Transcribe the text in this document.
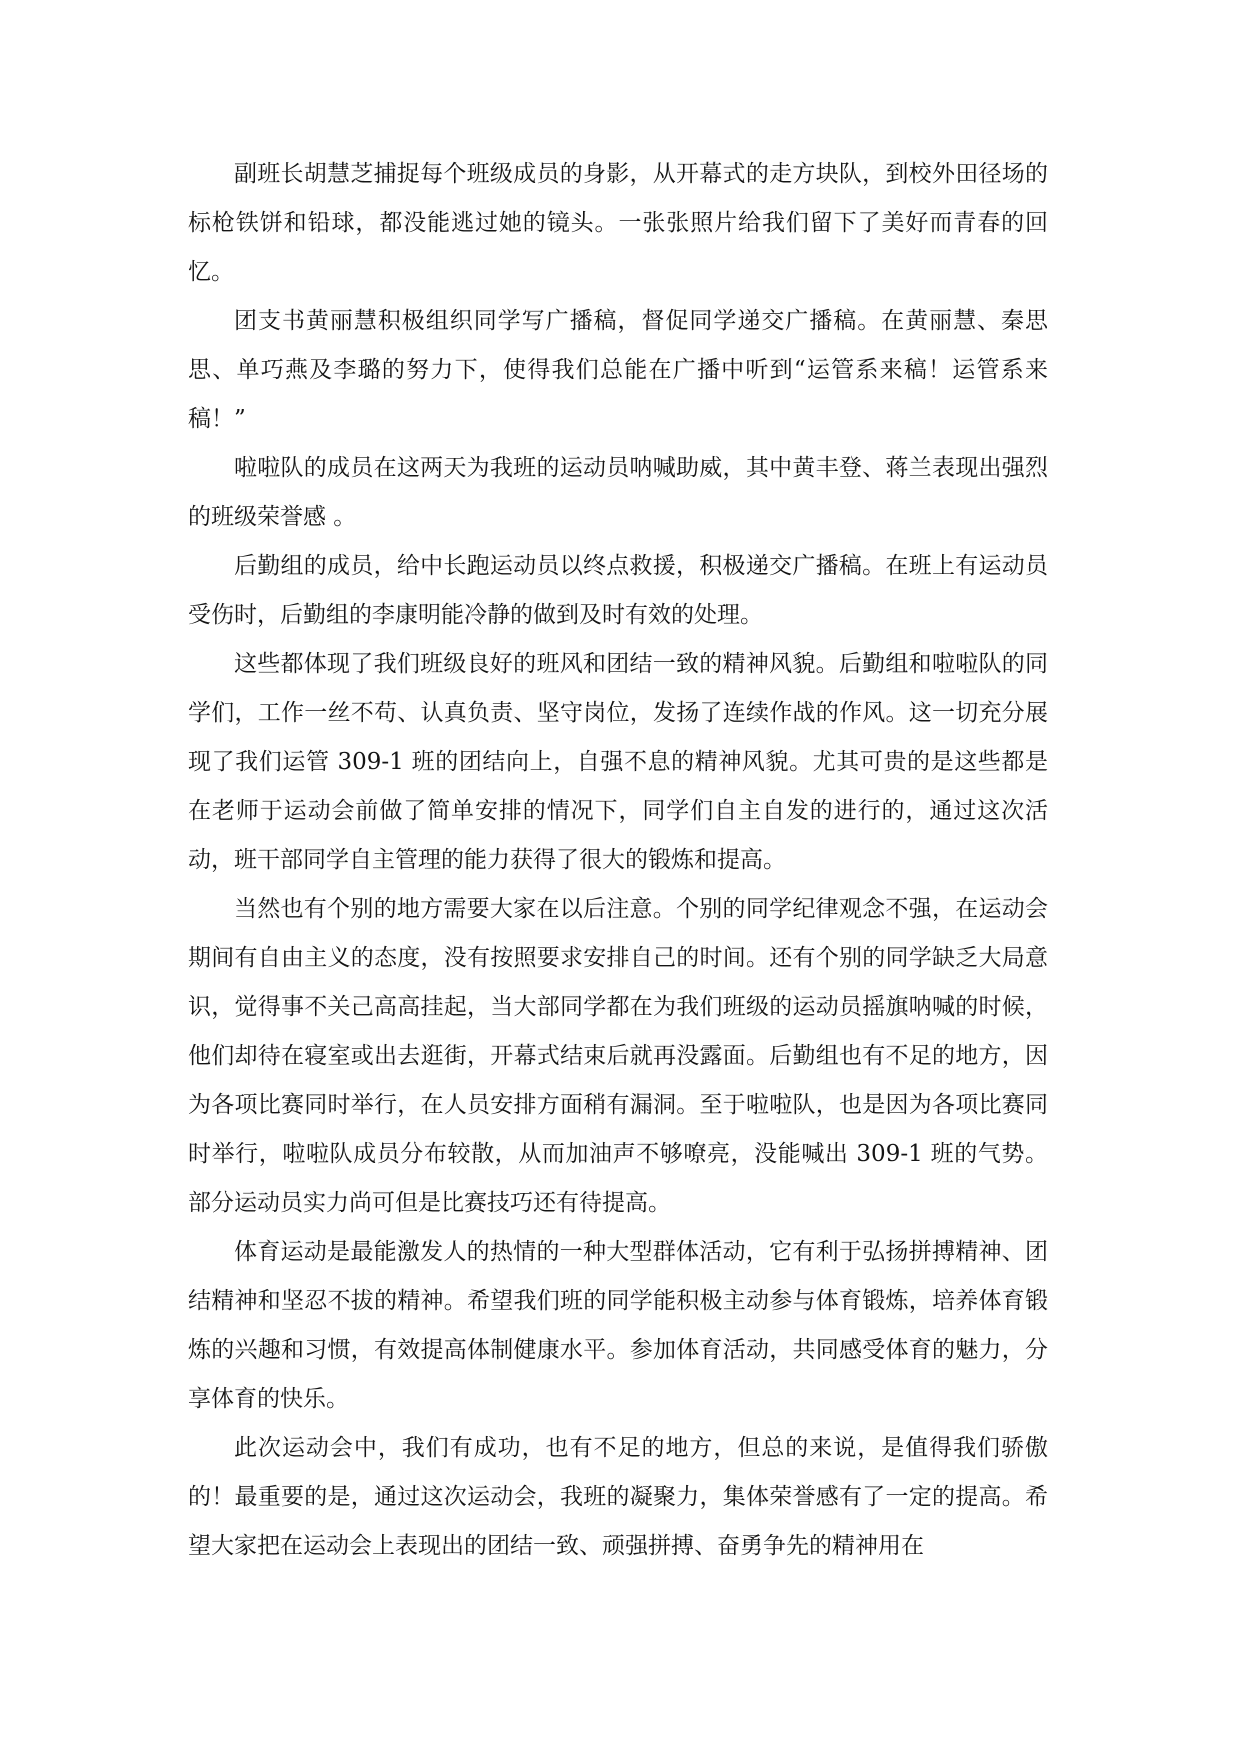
副班长胡慧芝捕捉每个班级成员的身影，从开幕式的走方块队，到校外田径场的标枪铁饼和铅球，都没能逃过她的镜头。一张张照片给我们留下了美好而青春的回忆。

团支书黄丽慧积极组织同学写广播稿，督促同学递交广播稿。在黄丽慧、秦思思、单巧燕及李璐的努力下，使得我们总能在广播中听到“运管系来稿！运管系来稿！”

啦啦队的成员在这两天为我班的运动员呐喊助威，其中黄丰登、蒋兰表现出强烈的班级荣誉感 。

后勤组的成员，给中长跑运动员以终点救援，积极递交广播稿。在班上有运动员受伤时，后勤组的李康明能冷静的做到及时有效的处理。

这些都体现了我们班级良好的班风和团结一致的精神风貌。后勤组和啦啦队的同学们，工作一丝不苟、认真负责、坚守岗位，发扬了连续作战的作风。这一切充分展现了我们运管 309-1 班的团结向上，自强不息的精神风貌。尤其可贵的是这些都是在老师于运动会前做了简单安排的情况下，同学们自主自发的进行的，通过这次活动，班干部同学自主管理的能力获得了很大的锻炼和提高。

当然也有个别的地方需要大家在以后注意。个别的同学纪律观念不强，在运动会期间有自由主义的态度，没有按照要求安排自己的时间。还有个别的同学缺乏大局意识，觉得事不关己高高挂起，当大部同学都在为我们班级的运动员摇旗呐喊的时候，他们却待在寝室或出去逛街，开幕式结束后就再没露面。后勤组也有不足的地方，因为各项比赛同时举行，在人员安排方面稍有漏洞。至于啦啦队，也是因为各项比赛同时举行，啦啦队成员分布较散，从而加油声不够嘹亮，没能喊出 309-1 班的气势。 部分运动员实力尚可但是比赛技巧还有待提高。

体育运动是最能激发人的热情的一种大型群体活动，它有利于弘扬拼搏精神、团结精神和坚忍不拔的精神。希望我们班的同学能积极主动参与体育锻炼，培养体育锻炼的兴趣和习惯，有效提高体制健康水平。参加体育活动，共同感受体育的魅力，分享体育的快乐。

此次运动会中，我们有成功，也有不足的地方，但总的来说，是值得我们骄傲的！最重要的是，通过这次运动会，我班的凝聚力，集体荣誉感有了一定的提高。希望大家把在运动会上表现出的团结一致、顽强拼搏、奋勇争先的精神用在
